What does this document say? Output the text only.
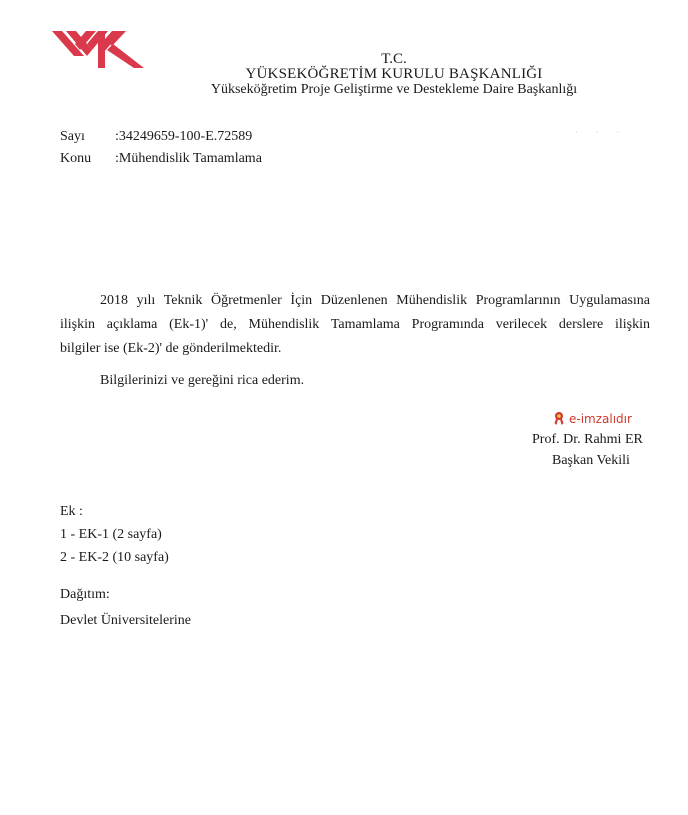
T.C.
YÜKSEKÖĞRETİM KURULU BAŞKANLIĞI
Yükseköğretim Proje Geliştirme ve Destekleme Daire Başkanlığı
Sayı :34249659-100-E.72589
Konu :Mühendislik Tamamlama
· · ·
2018 yılı Teknik Öğretmenler İçin Düzenlenen Mühendislik Programlarının Uygulamasına
ilişkin açıklama (Ek-1)' de, Mühendislik Tamamlama Programında verilecek derslere ilişkin
bilgiler ise (Ek-2)' de gönderilmektedir.
Bilgilerinizi ve gereğini rica ederim.
e-imzalıdır
Prof. Dr. Rahmi ER
Başkan Vekili
Ek :
1 - EK-1 (2 sayfa)
2 - EK-2 (10 sayfa)
Dağıtım:
Devlet Üniversitelerine
